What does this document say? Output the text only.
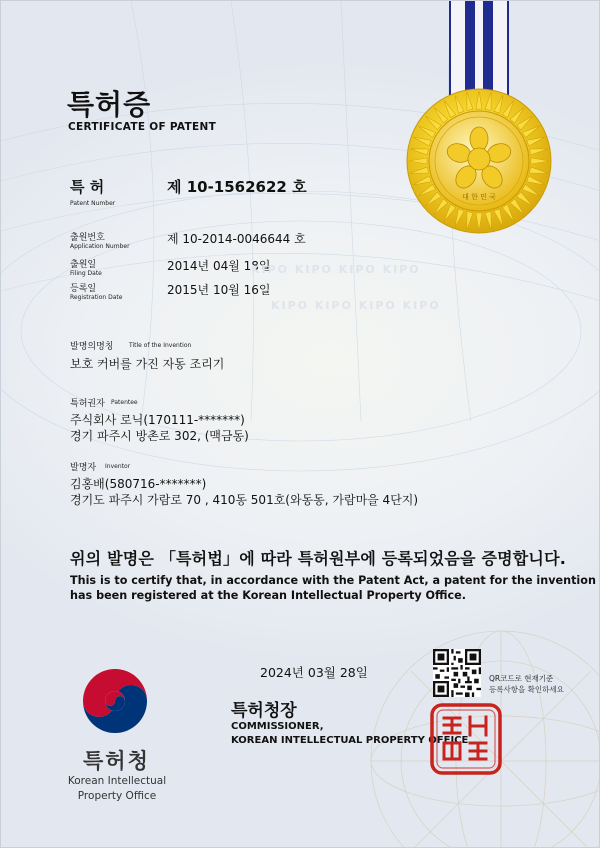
대 한 민 국
특허증
CERTIFICATE OF PATENT
특 허
Patent Number
제 10-1562622 호
출원번호
Application Number
제 10-2014-0046644 호
출원일
Filing Date
2014년 04월 18일
등록일
Registration Date
2015년 10월 16일
KIPO KIPO KIPO KIPO
KIPO KIPO KIPO KIPO
발명의명칭	Title of the Invention
보호 커버를 가진 자동 조리기
특허권자 Patentee
주식회사 로닉(170111-*******)
경기 파주시 방촌로 302, (맥금동)
발명자 Inventor
김홍배(580716-*******)
경기도 파주시 가람로 70 , 410동 501호(와동동, 가람마을 4단지)
위의 발명은 「특허법」에 따라 특허원부에 등록되었음을 증명합니다.
This is to certify that, in accordance with the Patent Act, a patent for the invention
has been registered at the Korean Intellectual Property Office.
2024년 03월 28일
특허청장
COMMISSIONER,
KOREAN INTELLECTUAL PROPERTY OFFICE
QR코드로 현재기준
등록사항을 확인하세요
특허청
Korean Intellectual
Property Office
